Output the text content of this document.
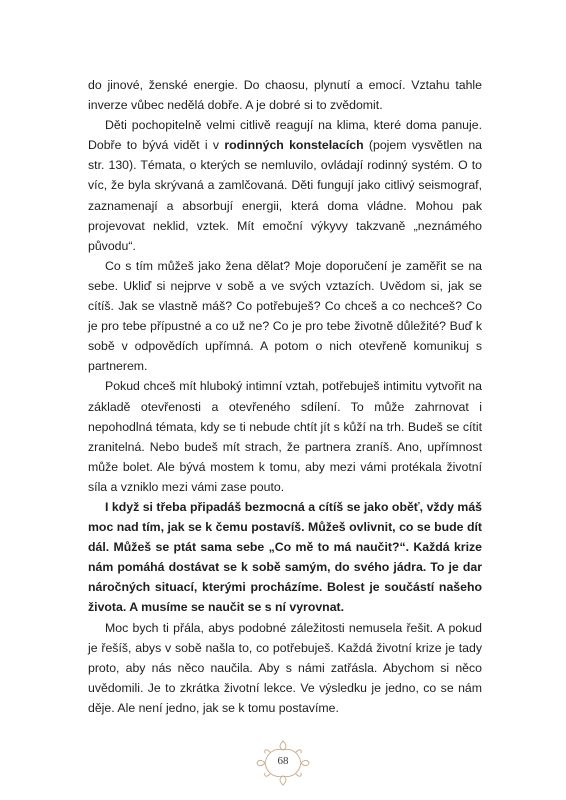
do jinové, ženské energie. Do chaosu, plynutí a emocí. Vztahu tahle inverze vůbec nedělá dobře. A je dobré si to zvědomit.

Děti pochopitelně velmi citlivě reagují na klima, které doma panuje. Dobře to bývá vidět i v rodinných konstelacích (pojem vysvětlen na str. 130). Témata, o kterých se nemluvilo, ovládají rodinný systém. O to víc, že byla skrývaná a zamlčovaná. Děti fungují jako citlivý seismograf, zaznamenají a absorbují energii, která doma vládne. Mohou pak projevovat neklid, vztek. Mít emoční výkyvy takzvaně „neznámého původu“.

Co s tím můžeš jako žena dělat? Moje doporučení je zaměřit se na sebe. Ukliď si nejprve v sobě a ve svých vztazích. Uvědom si, jak se cítíš. Jak se vlastně máš? Co potřebuješ? Co chceš a co nechceš? Co je pro tebe přípustné a co už ne? Co je pro tebe životně důležité? Buď k sobě v odpovědích upřímná. A potom o nich otevřeně komunikuj s partnerem.

Pokud chceš mít hluboký intimní vztah, potřebuješ intimitu vytvořit na základě otevřenosti a otevřeného sdílení. To může zahrnovat i nepohodlná témata, kdy se ti nebude chtít jít s kůží na trh. Budeš se cítit zranitelná. Nebo budeš mít strach, že partnera zraníš. Ano, upřímnost může bolet. Ale bývá mostem k tomu, aby mezi vámi protékala životní síla a vzniklo mezi vámi zase pouto.

I když si třeba připadáš bezmocná a cítíš se jako oběť, vždy máš moc nad tím, jak se k čemu postavíš. Můžeš ovlivnit, co se bude dít dál. Můžeš se ptát sama sebe „Co mě to má naučit?“. Každá krize nám pomáhá dostávat se k sobě samým, do svého jádra. To je dar náročných situací, kterými procházíme. Bolest je součástí našeho života. A musíme se naučit se s ní vyrovnat.

Moc bych ti přála, abys podobné záležitosti nemusela řešit. A pokud je řešíš, abys v sobě našla to, co potřebuješ. Každá životní krize je tady proto, aby nás něco naučila. Aby s námi zatřásla. Abychom si něco uvědomili. Je to zkrátka životní lekce. Ve výsledku je jedno, co se nám děje. Ale není jedno, jak se k tomu postavíme.

68
